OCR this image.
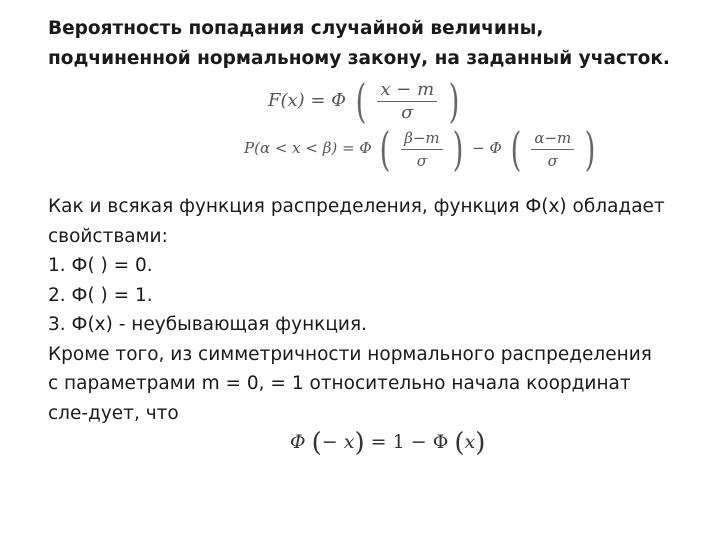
Вероятность попадания случайной величины,
подчиненной нормальному закону, на заданный участок.
F(x) = Φ ( $\frac{x - m}{\sigma}$ )
P(α < x < β) = Φ ( $\frac{\beta-m}{\sigma}$ ) − Φ ( $\frac{\alpha-m}{\sigma}$ )
Как и всякая функция распределения, функция Ф(х) обладает
свойствами:
1. Ф( ) = 0.
2. Ф( ) = 1.
3. Ф(х) - неубывающая функция.
Кроме того, из симметричности нормального распределения
с параметрами m = 0, = 1 относительно начала координат
сле-дует, что
Φ (− x) = 1 − Φ (x)
